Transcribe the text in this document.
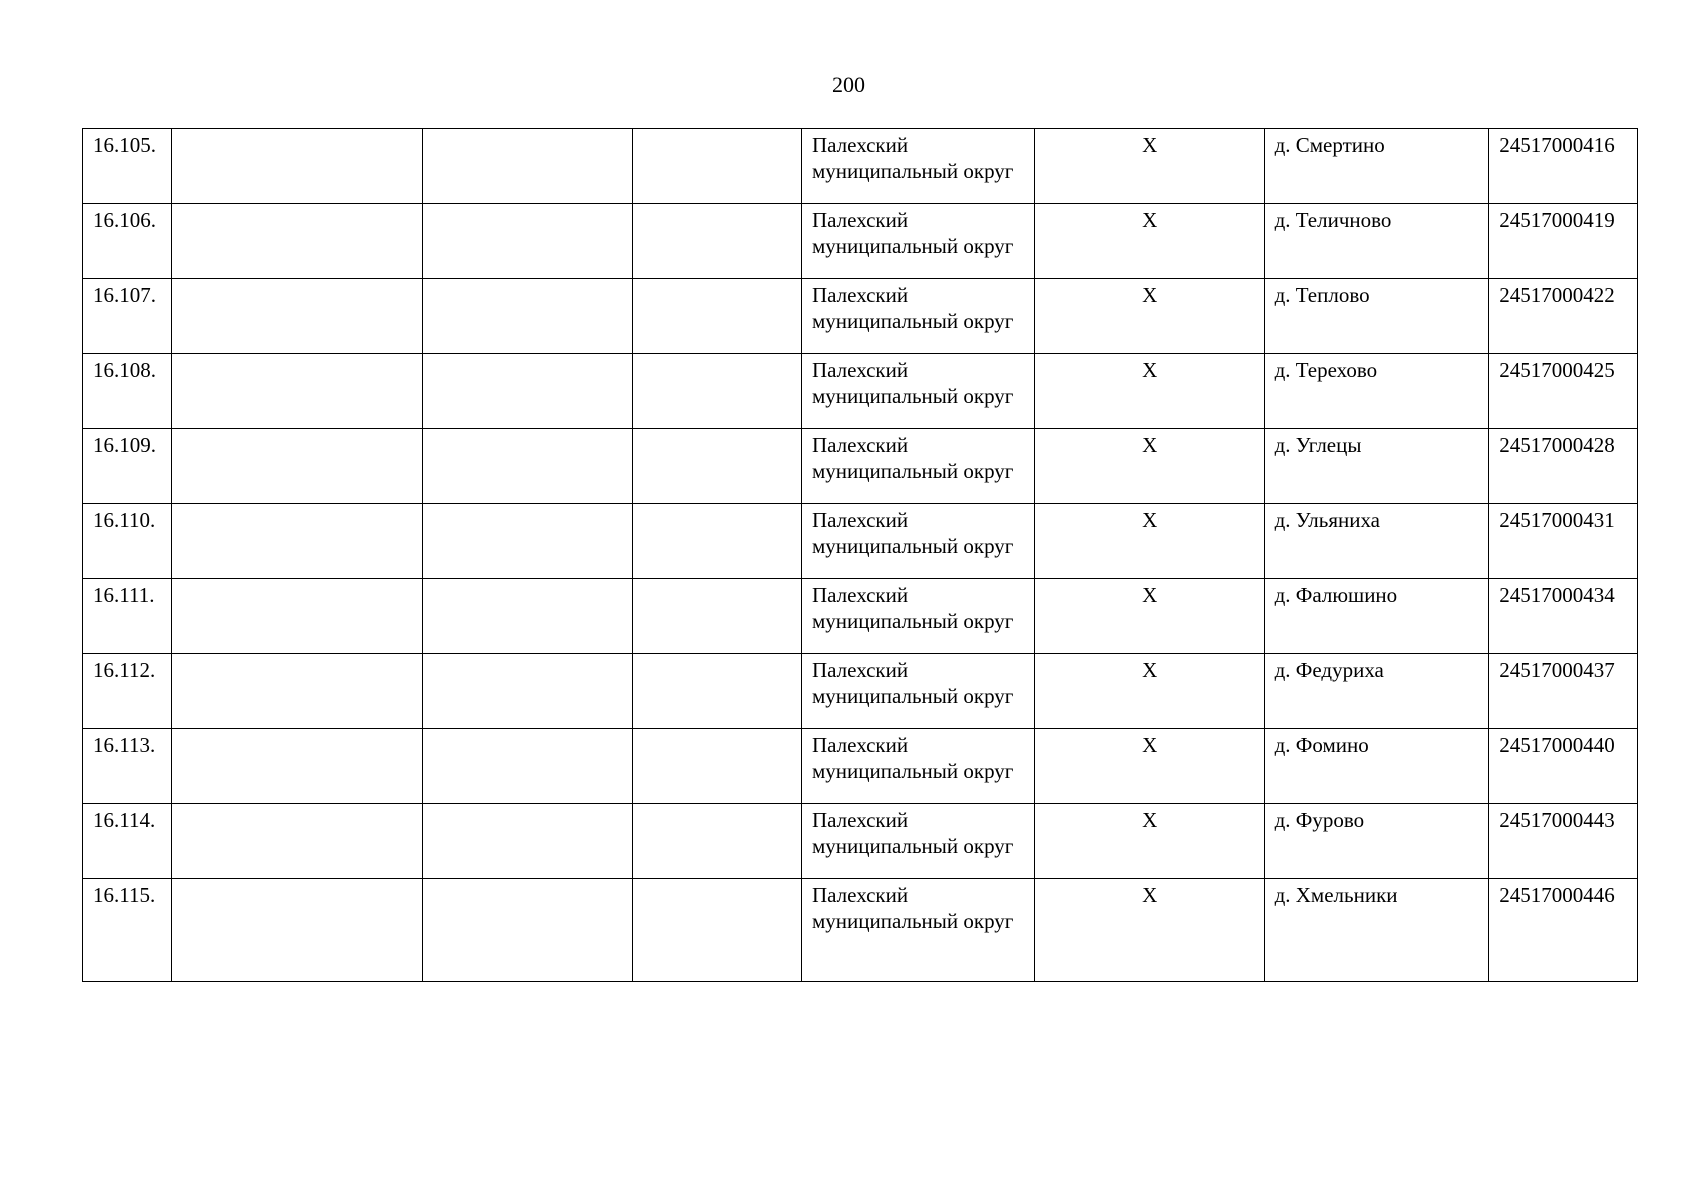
200
16.105.				Палехский муниципальный округ	X	д. Смертино	24517000416
16.106.				Палехский муниципальный округ	X	д. Теличново	24517000419
16.107.				Палехский муниципальный округ	X	д. Теплово	24517000422
16.108.				Палехский муниципальный округ	X	д. Терехово	24517000425
16.109.				Палехский муниципальный округ	X	д. Углецы	24517000428
16.110.				Палехский муниципальный округ	X	д. Ульяниха	24517000431
16.111.				Палехский муниципальный округ	X	д. Фалюшино	24517000434
16.112.				Палехский муниципальный округ	X	д. Федуриха	24517000437
16.113.				Палехский муниципальный округ	X	д. Фомино	24517000440
16.114.				Палехский муниципальный округ	X	д. Фурово	24517000443
16.115.				Палехский муниципальный округ	X	д. Хмельники	24517000446
